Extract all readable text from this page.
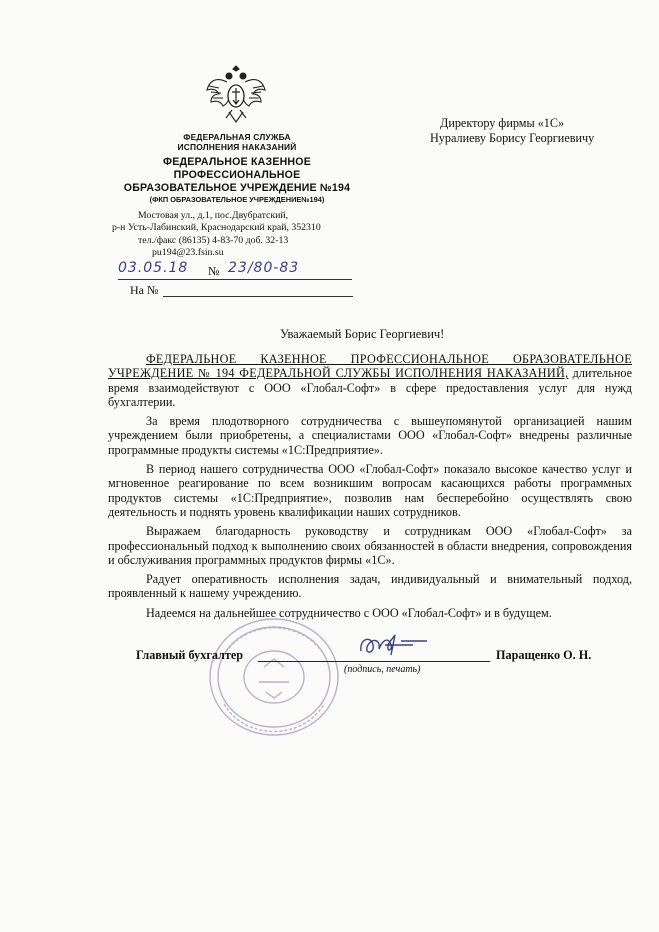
ФЕДЕРАЛЬНАЯ СЛУЖБА
ИСПОЛНЕНИЯ НАКАЗАНИЙ
ФЕДЕРАЛЬНОЕ КАЗЕННОЕ
ПРОФЕССИОНАЛЬНОЕ
ОБРАЗОВАТЕЛЬНОЕ УЧРЕЖДЕНИЕ №194
(ФКП ОБРАЗОВАТЕЛЬНОЕ УЧРЕЖДЕНИЕ№194)
Мостовая ул., д.1, пос.Двубратский,
р-н Усть-Лабинский, Краснодарский край, 352310
тел./факс (86135) 4-83-70 доб. 32-13
pu194@23.fsin.su
Директору фирмы «1С»
Нуралиеву Борису Георгиевичу
03.05.18 № 23/80-83
На №
Уважаемый Борис Георгиевич!

ФЕДЕРАЛЬНОЕ КАЗЕННОЕ ПРОФЕССИОНАЛЬНОЕ ОБРАЗОВАТЕЛЬНОЕ УЧРЕЖДЕНИЕ № 194 ФЕДЕРАЛЬНОЙ СЛУЖБЫ ИСПОЛНЕНИЯ НАКАЗАНИЙ, длительное время взаимодействуют с ООО «Глобал-Софт» в сфере предоставления услуг для нужд бухгалтерии.

За время плодотворного сотрудничества с вышеупомянутой организацией нашим учреждением были приобретены, а специалистами ООО «Глобал-Софт» внедрены различные программные продукты системы «1С:Предприятие».

В период нашего сотрудничества ООО «Глобал-Софт» показало высокое качество услуг и мгновенное реагирование по всем возникшим вопросам касающихся работы программных продуктов системы «1С:Предприятие», позволив нам бесперебойно осуществлять свою деятельность и поднять уровень квалификации наших сотрудников.

Выражаем благодарность руководству и сотрудникам ООО «Глобал-Софт» за профессиональный подход к выполнению своих обязанностей в области внедрения, сопровождения и обслуживания программных продуктов фирмы «1С».

Радует оперативность исполнения задач, индивидуальный и внимательный подход, проявленный к нашему учреждению.

Надеемся на дальнейшее сотрудничество с ООО «Глобал-Софт» и в будущем.

Главный бухгалтер
(подпись, печать)
Паращенко О. Н.
